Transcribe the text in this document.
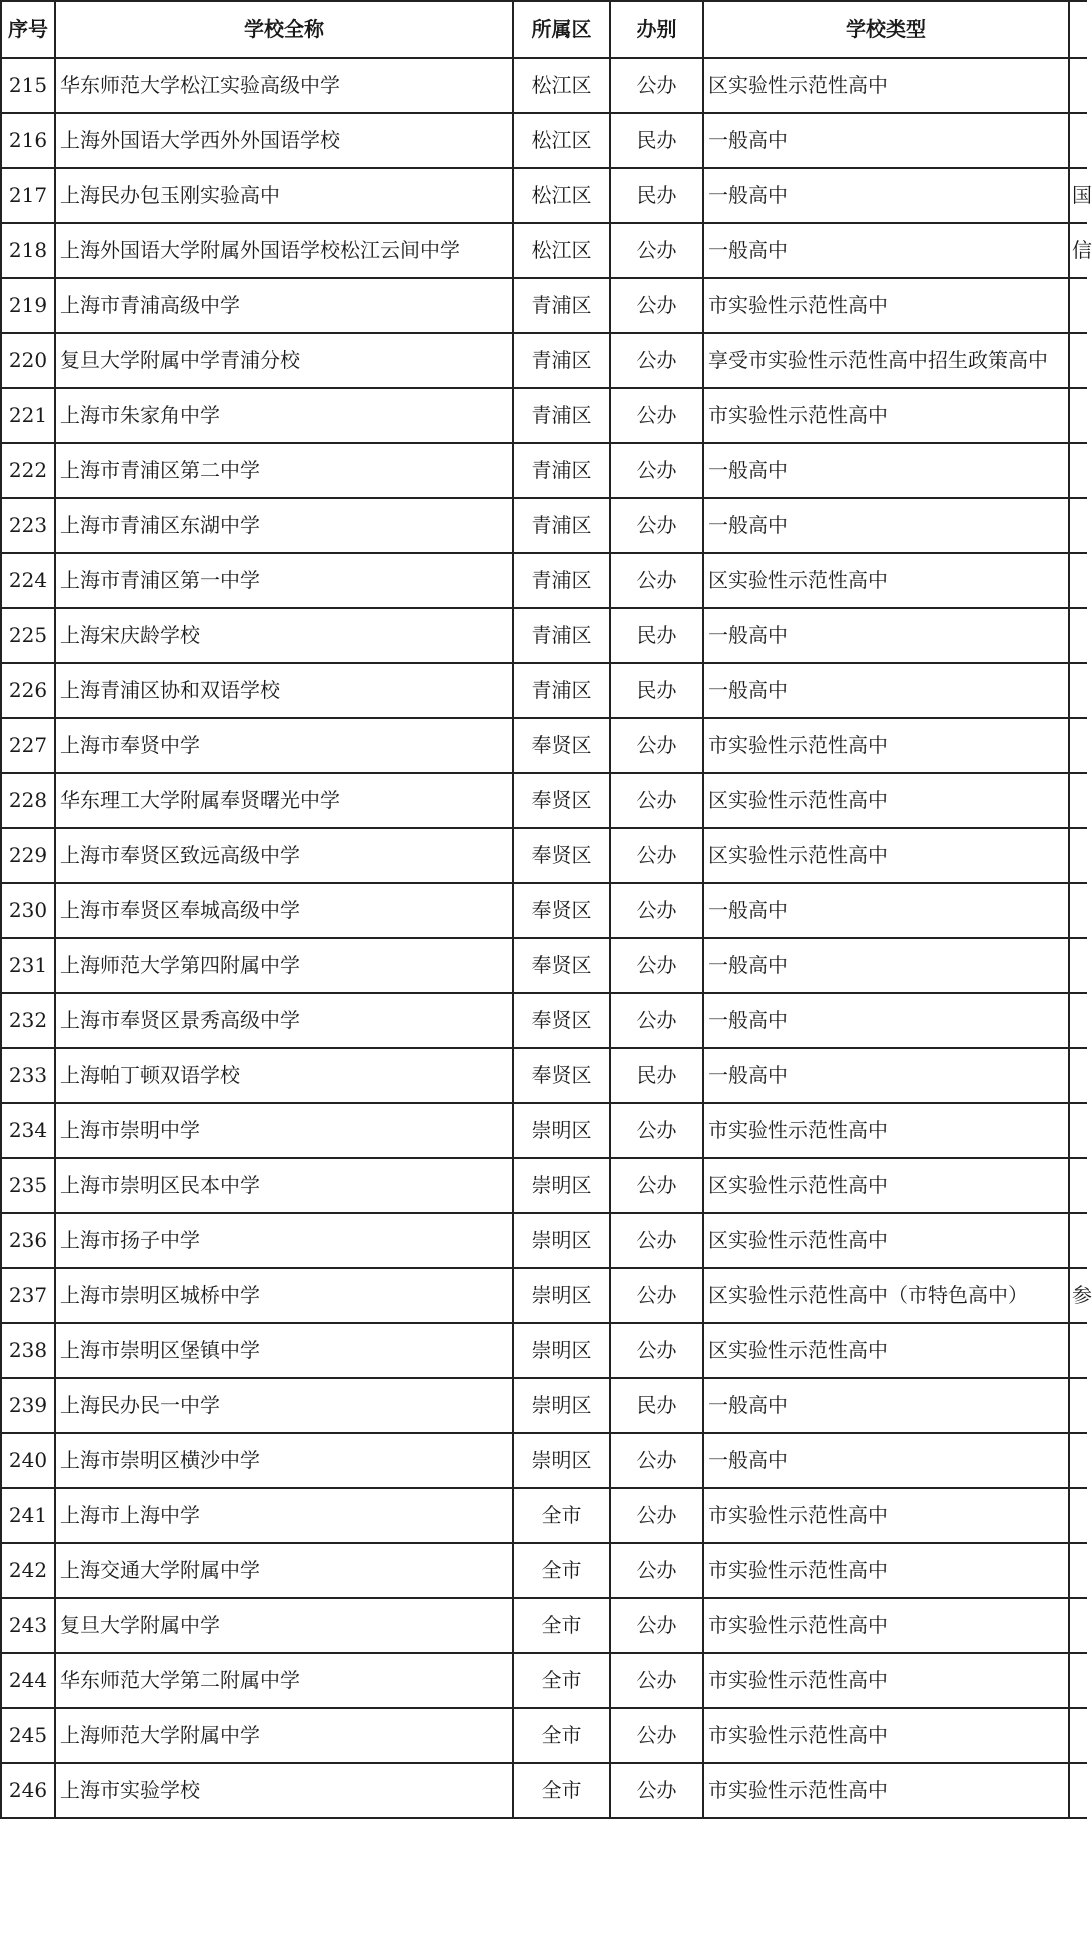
序号	学校全称	所属区	办别	学校类型	
215	华东师范大学松江实验高级中学	松江区	公办	区实验性示范性高中	
216	上海外国语大学西外外国语学校	松江区	民办	一般高中	
217	上海民办包玉刚实验高中	松江区	民办	一般高中	国
218	上海外国语大学附属外国语学校松江云间中学	松江区	公办	一般高中	信
219	上海市青浦高级中学	青浦区	公办	市实验性示范性高中	
220	复旦大学附属中学青浦分校	青浦区	公办	享受市实验性示范性高中招生政策高中	
221	上海市朱家角中学	青浦区	公办	市实验性示范性高中	
222	上海市青浦区第二中学	青浦区	公办	一般高中	
223	上海市青浦区东湖中学	青浦区	公办	一般高中	
224	上海市青浦区第一中学	青浦区	公办	区实验性示范性高中	
225	上海宋庆龄学校	青浦区	民办	一般高中	
226	上海青浦区协和双语学校	青浦区	民办	一般高中	
227	上海市奉贤中学	奉贤区	公办	市实验性示范性高中	
228	华东理工大学附属奉贤曙光中学	奉贤区	公办	区实验性示范性高中	
229	上海市奉贤区致远高级中学	奉贤区	公办	区实验性示范性高中	
230	上海市奉贤区奉城高级中学	奉贤区	公办	一般高中	
231	上海师范大学第四附属中学	奉贤区	公办	一般高中	
232	上海市奉贤区景秀高级中学	奉贤区	公办	一般高中	
233	上海帕丁顿双语学校	奉贤区	民办	一般高中	
234	上海市崇明中学	崇明区	公办	市实验性示范性高中	
235	上海市崇明区民本中学	崇明区	公办	区实验性示范性高中	
236	上海市扬子中学	崇明区	公办	区实验性示范性高中	
237	上海市崇明区城桥中学	崇明区	公办	区实验性示范性高中（市特色高中）	参
238	上海市崇明区堡镇中学	崇明区	公办	区实验性示范性高中	
239	上海民办民一中学	崇明区	民办	一般高中	
240	上海市崇明区横沙中学	崇明区	公办	一般高中	
241	上海市上海中学	全市	公办	市实验性示范性高中	
242	上海交通大学附属中学	全市	公办	市实验性示范性高中	
243	复旦大学附属中学	全市	公办	市实验性示范性高中	
244	华东师范大学第二附属中学	全市	公办	市实验性示范性高中	
245	上海师范大学附属中学	全市	公办	市实验性示范性高中	
246	上海市实验学校	全市	公办	市实验性示范性高中	
